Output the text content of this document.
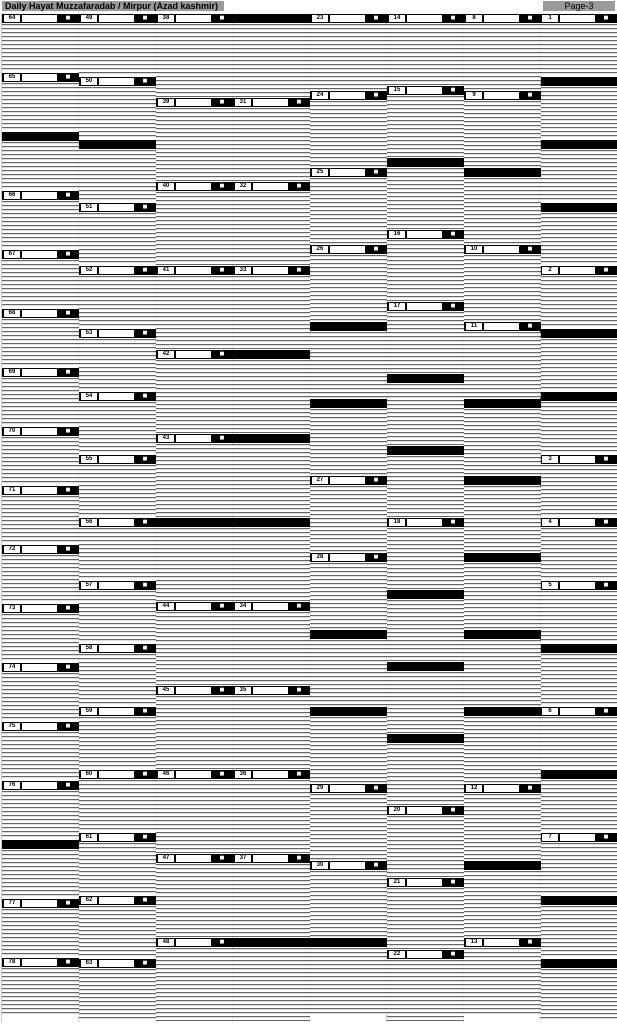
Daily Hayat Muzzafaradab / Mirpur (Azad kashmir)	Page-3
1	■
2	■
3	■
4	■
5	■
6	■
7	■
8	■
9	■
10	■
11	■
12	■
13	■
14	■
15	■
16	■
17	■
18	■
20	■
21	■
22	■
23	■
24	■
25	■
26	■
27	■
28	■
29	■
30	■
31	■
32	■
33	■
34	■
35	■
36	■
37	■
38	■
39	■
40	■
41	■
42	■
43	■
44	■
45	■
46	■
47	■
48	■
49	■
50	■
51	■
52	■
53	■
54	■
55	■
56	■
57	■
58	■
59	■
60	■
61	■
62	■
63	■
64	■
65	■
66	■
67	■
68	■
69	■
70	■
71	■
72	■
73	■
74	■
75	■
76	■
77	■
78	■
